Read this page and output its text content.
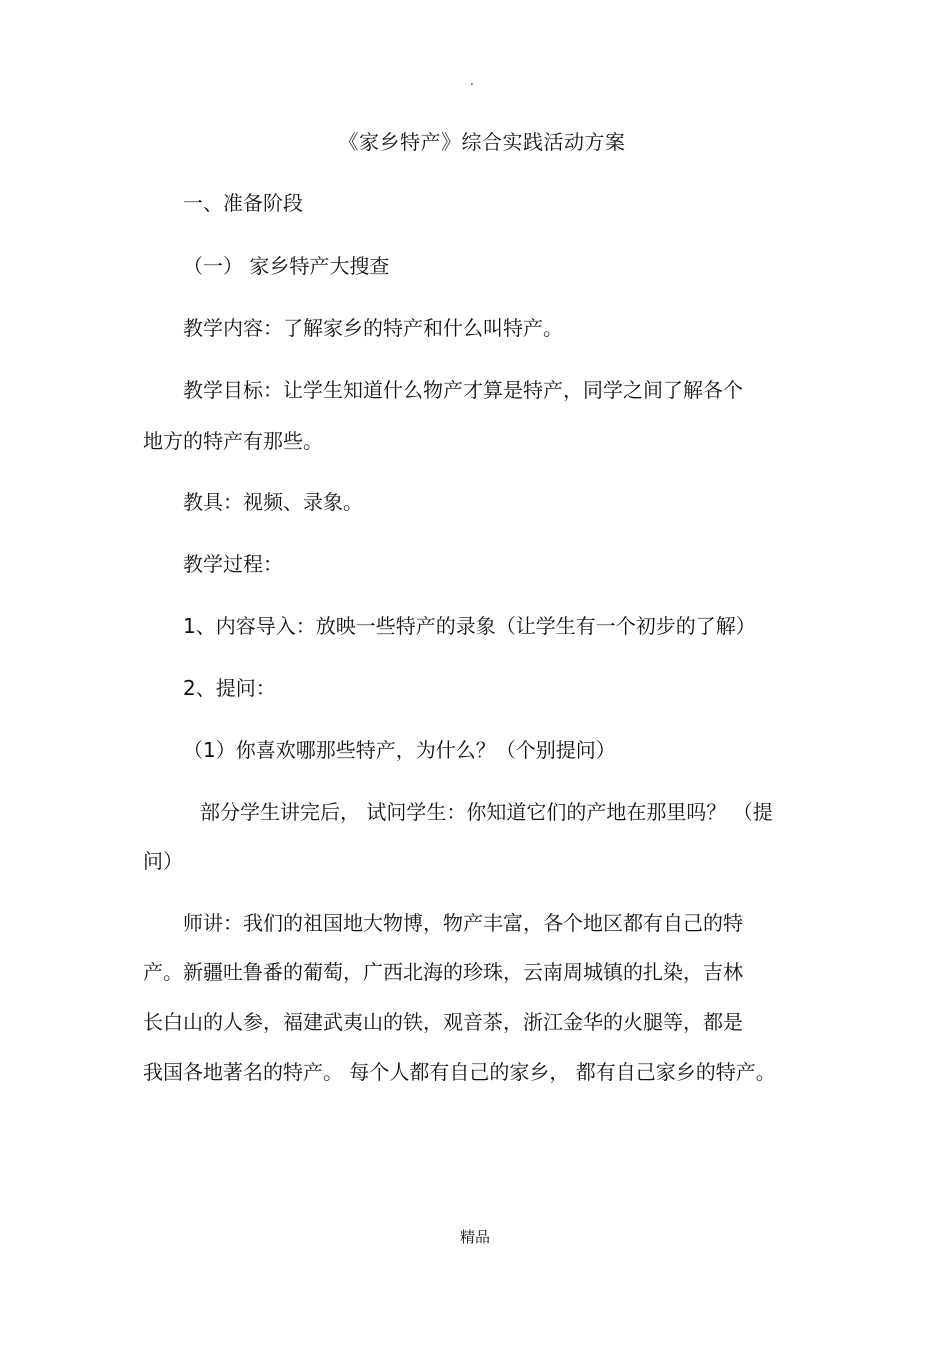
.
《家乡特产》综合实践活动方案
一、准备阶段
（一） 家乡特产大搜查
教学内容：了解家乡的特产和什么叫特产。
教学目标：让学生知道什么物产才算是特产，同学之间了解各个
地方的特产有那些。
教具：视频、录象。
教学过程：
1、内容导入：放映一些特产的录象（让学生有一个初步的了解）
2、提问：
（1）你喜欢哪那些特产，为什么？（个别提问）
部分学生讲完后， 试问学生：你知道它们的产地在那里吗？ （提
问）
师讲：我们的祖国地大物博，物产丰富，各个地区都有自己的特
产。新疆吐鲁番的葡萄，广西北海的珍珠，云南周城镇的扎染，吉林
长白山的人参，福建武夷山的铁，观音茶，浙江金华的火腿等，都是
我国各地著名的特产。 每个人都有自己的家乡， 都有自己家乡的特产。
精品
